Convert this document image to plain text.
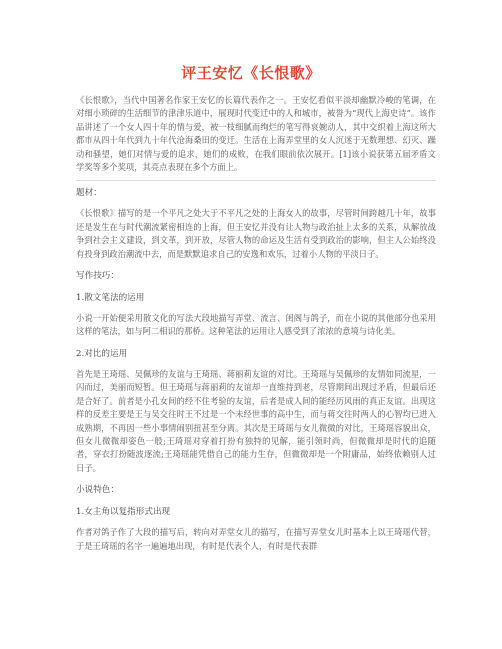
评王安忆《长恨歌》

《长恨歌》，当代中国著名作家王安忆的长篇代表作之一。王安忆看似平淡却幽默冷峻的笔调，在对细小琐碎的生活细节的津津乐道中，展现时代变迁中的人和城市，被誉为“现代上海史诗”。该作品讲述了一个女人四十年的情与爱，被一枝细腻而绚烂的笔写得哀婉动人，其中交织着上海这所大都市从四十年代到九十年代沧海桑田的变迁。生活在上海弄堂里的女人沉迷于无数理想、幻灭、躁动和骚望，她们对情与爱的追求，她们的成败，在我们眼前依次展开。[1]该小说获第五届矛盾文学奖等多个奖项，其亮点表现在多个方面上。

题材：

《长恨歌》描写的是一个平凡之处大于不平凡之处的上海女人的故事，尽管时间跨越几十年，故事还是发生在与时代潮流紧密相连的上海，但王安忆并没有让人物与政治扯上太多的关系，从解放战争到社会主义建设，到文革，到开放，尽管人物的命运及生活有受到政治的影响，但主人公始终没有投身到政治潮流中去，而是默默追求自己的安逸和欢乐，过着小人物的平淡日子。

写作技巧：

1.散文笔法的运用

小说一开始便采用散文化的写法大段地描写弄堂、流言、闺阁与鸽子，而在小说的其他部分也采用这样的笔法，如与阿二相识的那桥。这种笔法的运用让人感受到了浓浓的意境与诗化美。

2.对比的运用

首先是王琦瑶、吴佩珍的友谊与王琦瑶、蒋丽莉友谊的对比。王琦瑶与吴佩珍的友情如同流星，一闪而过，美丽而短暂。但王琦瑶与蒋丽莉的友谊却一直维持到老，尽管期间出现过矛盾，但最后还是合好了。前者是小孔女间的经不住考验的友谊，后者是成人间的能经历风雨的真正友谊。出现这样的反差主要是王与吴交往时王不过是一个未经世事的高中生，而与蒋交往时两人的心智均已进入成熟期，不再因一些小事情闹别扭甚至分离。其次是王琦瑶与女儿微微的对比，王琦瑶容貌出众，但女儿微微却姿色一般;王琦瑶对穿着打扮有独特的见解，能引领时尚，但微微却是时代的追随者，穿衣打扮随波逐流;王琦瑶能凭借自己的能力生存，但微微却是一个附庸品，始终依赖别人过日子。

小说特色：

1.女主角以复指形式出现

作者对鸽子作了大段的描写后，转向对弄堂女儿的描写，在描写弄堂女儿时基本上以王琦瑶代替，于是王琦瑶的名字一遍遍地出现，有时是代表个人，有时是代表群
